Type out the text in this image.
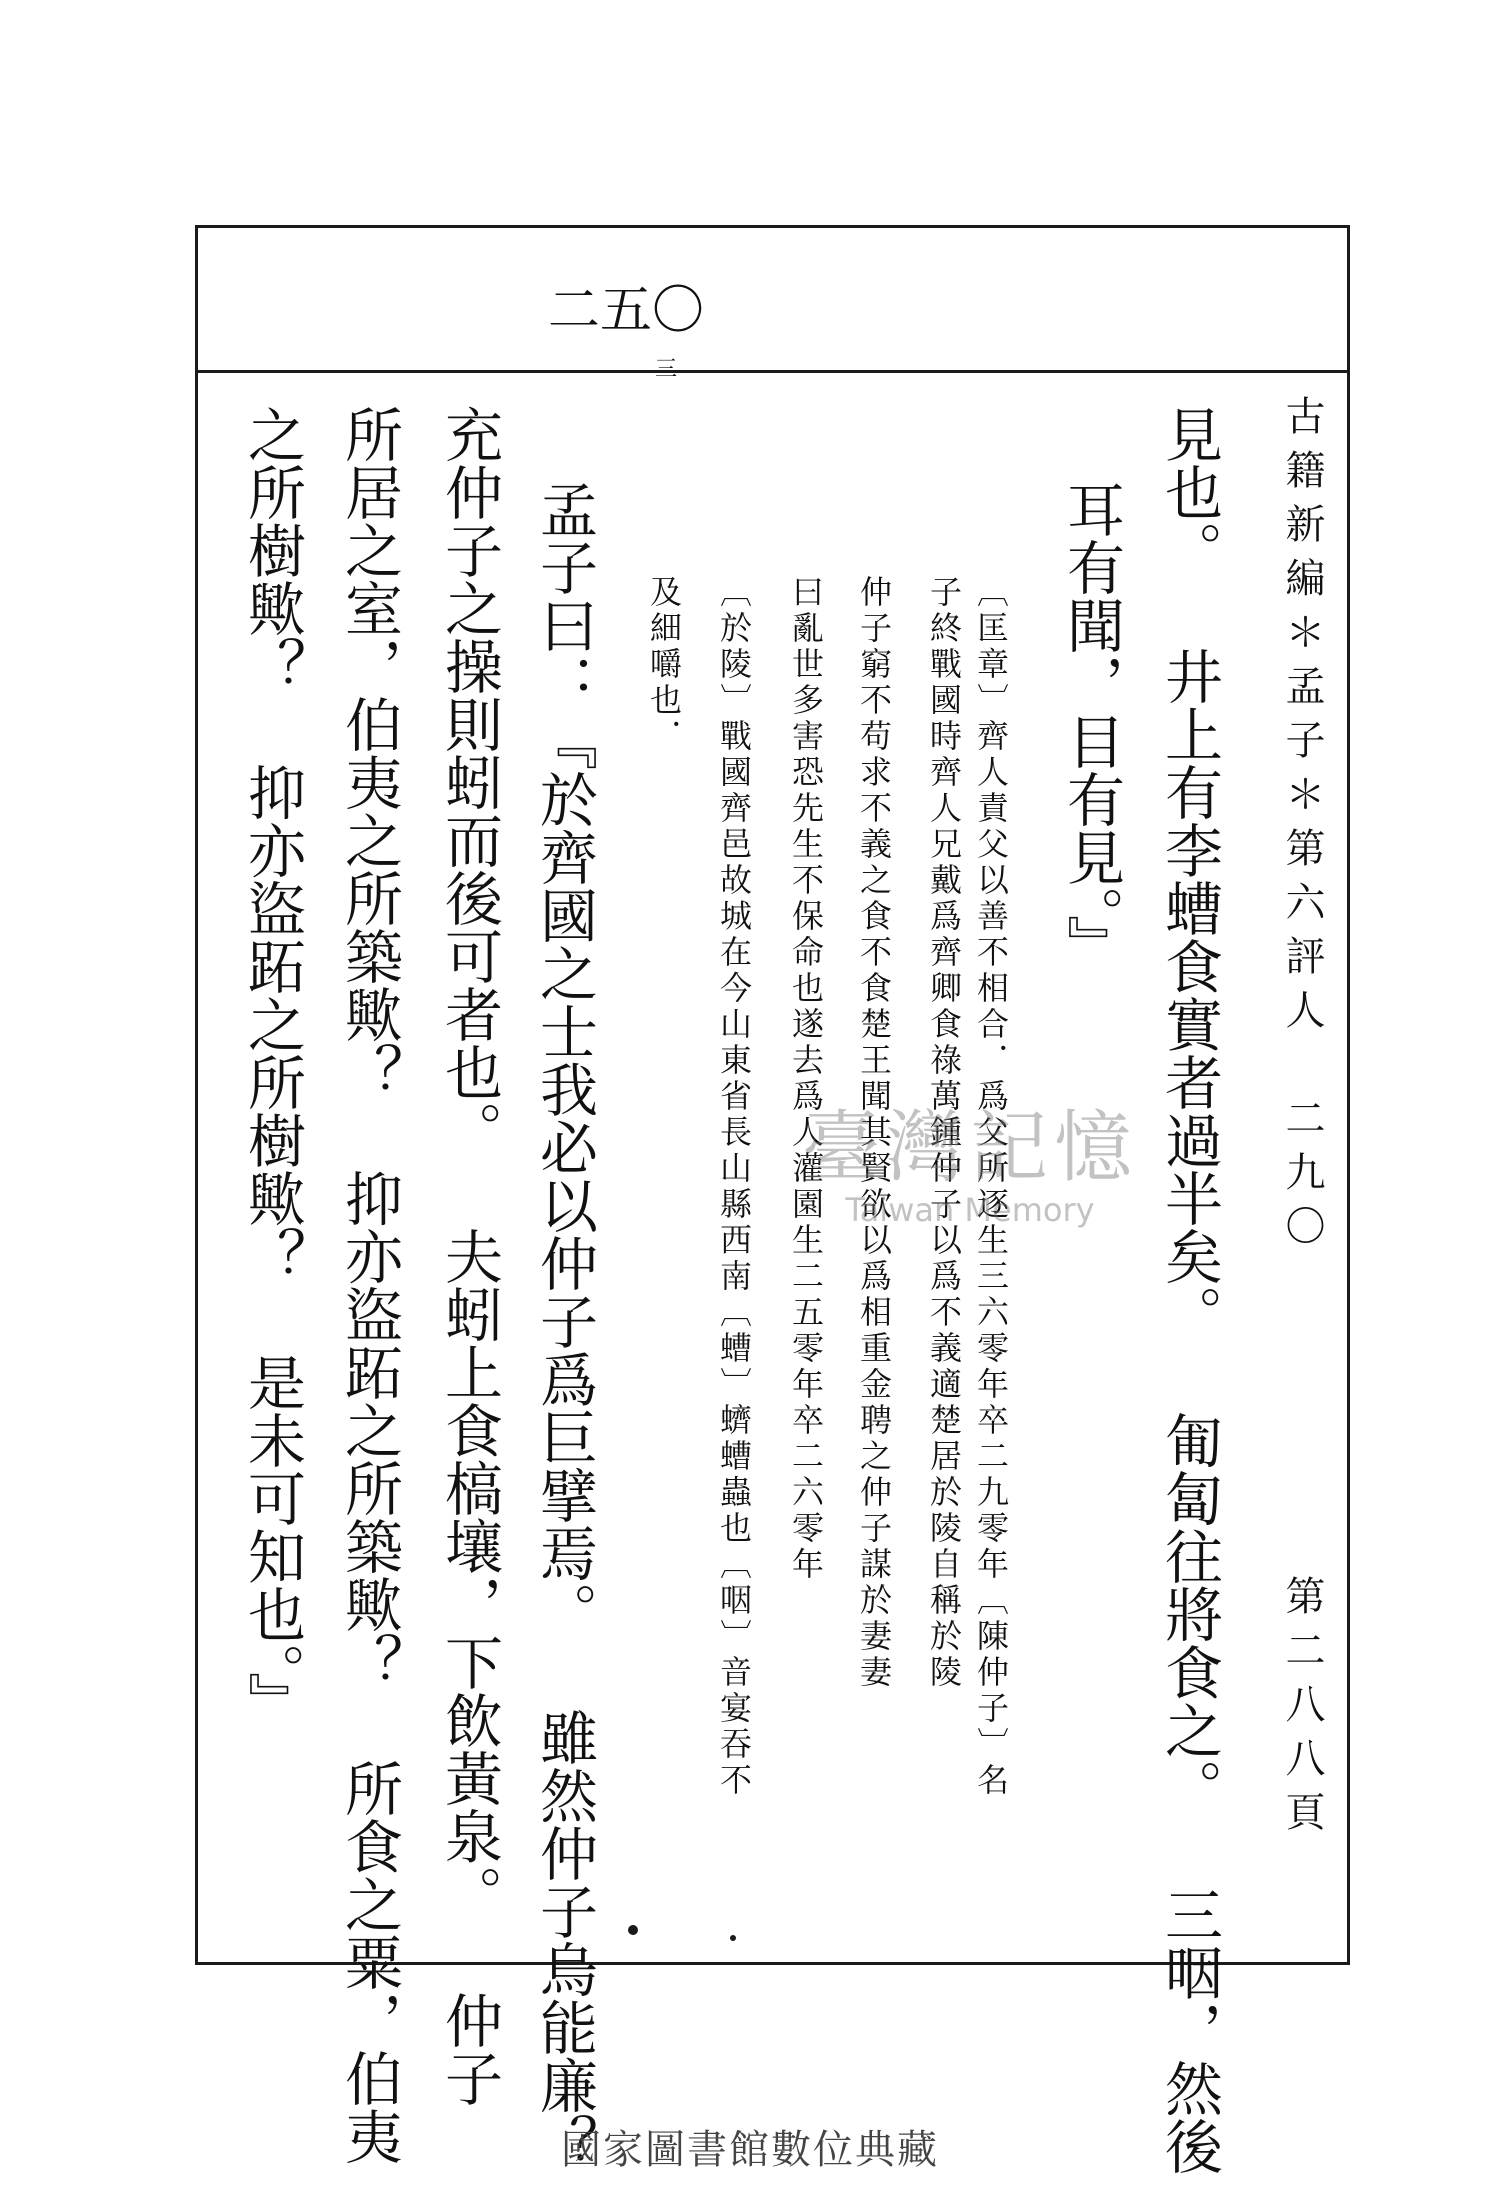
二五〇
三
古籍新編＊孟子＊第六評人　二九〇
第二八八頁
見也。 井上有李螬食實者過半矣。 匍匐往將食之。 三咽，然後
耳有聞，目有見。』
〔匡章〕齊人責父以善不相合．爲父所逐生三六零年卒二九零年〔陳仲子〕名
子終戰國時齊人兄戴爲齊卿食祿萬鍾仲子以爲不義適楚居於陵自稱於陵
仲子窮不苟求不義之食不食楚王聞其賢欲以爲相重金聘之仲子謀於妻妻
曰亂世多害恐先生不保命也遂去爲人灌園生二五零年卒二六零年
〔於陵〕戰國齊邑故城在今山東省長山縣西南〔螬〕蠐螬蟲也〔咽〕音宴吞不
及細嚼也．
孟子曰：『於齊國之士我必以仲子爲巨擘焉。 雖然仲子烏能廉？
充仲子之操則蚓而後可者也。 夫蚓上食槁壤，下飲黃泉。 仲子
所居之室，伯夷之所築歟？ 抑亦盜跖之所築歟？ 所食之粟，伯夷
之所樹歟？ 抑亦盜跖之所樹歟？ 是未可知也。』	臺灣記憶
Taiwan Memory
國家圖書館數位典藏
